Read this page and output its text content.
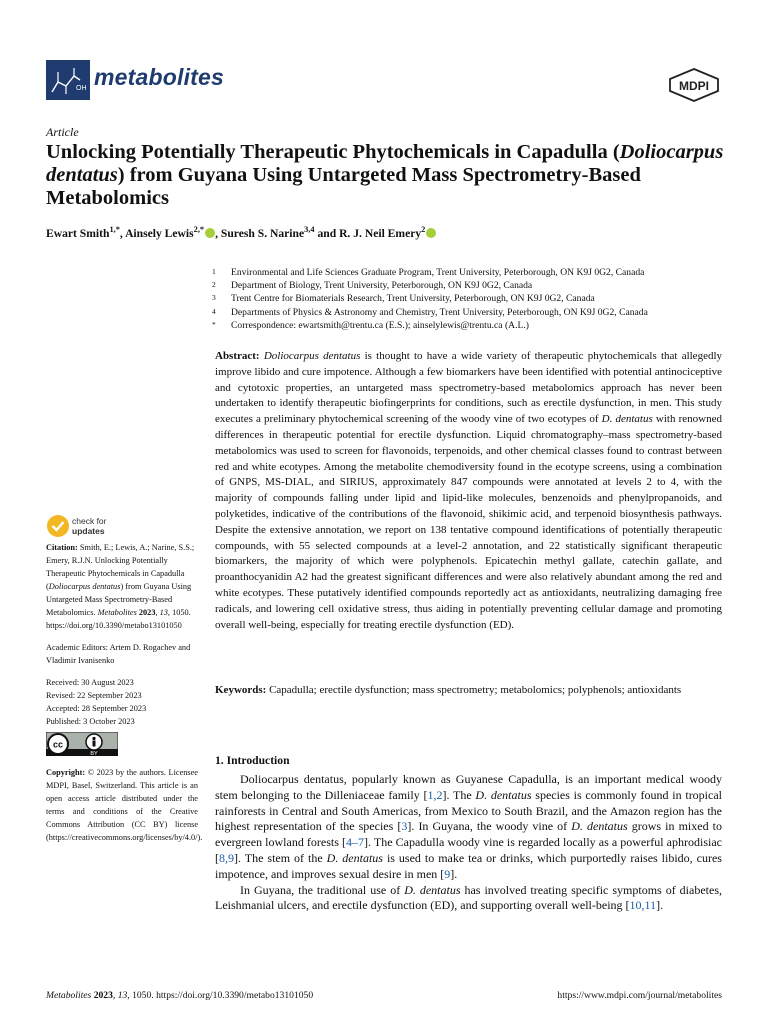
OH metabolites	MDPI
Article
Unlocking Potentially Therapeutic Phytochemicals in Capadulla (Doliocarpus dentatus) from Guyana Using Untargeted Mass Spectrometry-Based Metabolomics
Ewart Smith$^{1,*}$, Ainsely Lewis$^{2,*}$ , Suresh S. Narine$^{3,4}$ and R. J. Neil Emery$^2$
1 Environmental and Life Sciences Graduate Program, Trent University, Peterborough, ON K9J 0G2, Canada
2 Department of Biology, Trent University, Peterborough, ON K9J 0G2, Canada
3 Trent Centre for Biomaterials Research, Trent University, Peterborough, ON K9J 0G2, Canada
4 Departments of Physics & Astronomy and Chemistry, Trent University, Peterborough, ON K9J 0G2, Canada
* Correspondence: ewartsmith@trentu.ca (E.S.); ainselylewis@trentu.ca (A.L.)
Abstract: Doliocarpus dentatus is thought to have a wide variety of therapeutic phytochemicals that allegedly improve libido and cure impotence. Although a few biomarkers have been identified with potential antinociceptive and cytotoxic properties, an untargeted mass spectrometry-based metabolomics approach has never been undertaken to identify therapeutic biofingerprints for conditions, such as erectile dysfunction, in men. This study executes a preliminary phytochemical screening of the woody vine of two ecotypes of D. dentatus with renowned differences in therapeutic potential for erectile dysfunction. Liquid chromatography–mass spectrometry-based metabolomics was used to screen for flavonoids, terpenoids, and other chemical classes found to contrast between red and white ecotypes. Among the metabolite chemodiversity found in the ecotype screens, using a combination of GNPS, MS-DIAL, and SIRIUS, approximately 847 compounds were annotated at levels 2 to 4, with the majority of compounds falling under lipid and lipid-like molecules, benzenoids and phenylpropanoids, and polyketides, indicative of the contributions of the flavonoid, shikimic acid, and terpenoid biosynthesis pathways. Despite the extensive annotation, we report on 138 tentative compound identifications of potentially therapeutic compounds, with 55 selected compounds at a level-2 annotation, and 22 statistically significant therapeutic biomarkers, the majority of which were polyphenols. Epicatechin methyl gallate, catechin gallate, and proanthocyanidin A2 had the greatest significant differences and were also relatively abundant among the red and white ecotypes. These putatively identified compounds reportedly act as antioxidants, neutralizing damaging free radicals, and lowering cell oxidative stress, thus aiding in potentially preventing cellular damage and promoting overall well-being, especially for treating erectile dysfunction (ED).
Keywords: Capadulla; erectile dysfunction; mass spectrometry; metabolomics; polyphenols; antioxidants
check for
updates

Citation: Smith, E.; Lewis, A.; Narine, S.S.; Emery, R.J.N. Unlocking Potentially Therapeutic Phytochemicals in Capadulla (Doliocarpus dentatus) from Guyana Using Untargeted Mass Spectrometry-Based Metabolomics. Metabolites 2023, 13, 1050. https://doi.org/10.3390/metabo13101050

Academic Editors: Artem D. Rogachev and Vladimir Ivanisenko

Received: 30 August 2023

Revised: 22 September 2023

Accepted: 28 September 2023

Published: 3 October 2023

cc
BY

Copyright: © 2023 by the authors. Licensee MDPI, Basel, Switzerland. This article is an open access article distributed under the terms and conditions of the Creative Commons Attribution (CC BY) license (https://creativecommons.org/licenses/by/4.0/).

1. Introduction

Doliocarpus dentatus, popularly known as Guyanese Capadulla, is an important medical woody stem belonging to the Dilleniaceae family [1,2]. The D. dentatus species is commonly found in tropical rainforests in Central and South Americas, from Mexico to South Brazil, and the Amazon region has the highest representation of the species [3]. In Guyana, the woody vine of D. dentatus grows in mixed to evergreen lowland forests [4–7]. The Capadulla woody vine is regarded locally as a powerful aphrodisiac [8,9]. The stem of the D. dentatus is used to make tea or drinks, which purportedly raises libido, cures impotence, and improves sexual desire in men [9].

In Guyana, the traditional use of D. dentatus has involved treating specific symptoms of diabetes, Leishmanial ulcers, and erectile dysfunction (ED), and supporting overall well-being [10,11].

Metabolites 2023, 13, 1050. https://doi.org/10.3390/metabo13101050	https://www.mdpi.com/journal/metabolites
